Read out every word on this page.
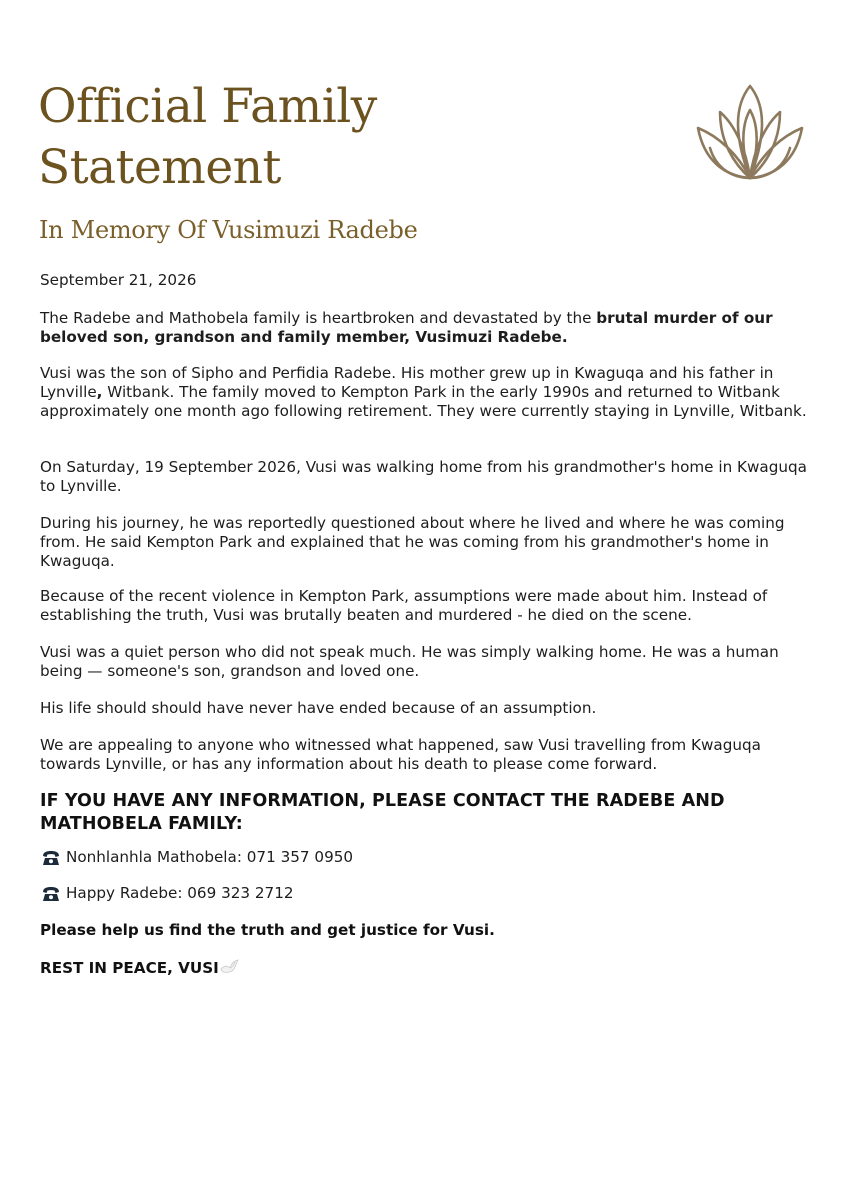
Official Family
Statement
In Memory Of Vusimuzi Radebe
September 21, 2026
The Radebe and Mathobela family is heartbroken and devastated by the brutal murder of our beloved son, grandson and family member, Vusimuzi Radebe.
Vusi was the son of Sipho and Perfidia Radebe. His mother grew up in Kwaguqa and his father in Lynville, Witbank. The family moved to Kempton Park in the early 1990s and returned to Witbank approximately one month ago following retirement. They were currently staying in Lynville, Witbank.
On Saturday, 19 September 2026, Vusi was walking home from his grandmother's home in Kwaguqa to Lynville.
During his journey, he was reportedly questioned about where he lived and where he was coming from. He said Kempton Park and explained that he was coming from his grandmother's home in Kwaguqa.
Because of the recent violence in Kempton Park, assumptions were made about him. Instead of establishing the truth, Vusi was brutally beaten and murdered - he died on the scene.
Vusi was a quiet person who did not speak much. He was simply walking home. He was a human being — someone's son, grandson and loved one.
His life should should have never have ended because of an assumption.
We are appealing to anyone who witnessed what happened, saw Vusi travelling from Kwaguqa towards Lynville, or has any information about his death to please come forward.
IF YOU HAVE ANY INFORMATION, PLEASE CONTACT THE RADEBE AND MATHOBELA FAMILY:
Nonhlanhla Mathobela: 071 357 0950
Happy Radebe: 069 323 2712
Please help us find the truth and get justice for Vusi.
REST IN PEACE, VUSI
